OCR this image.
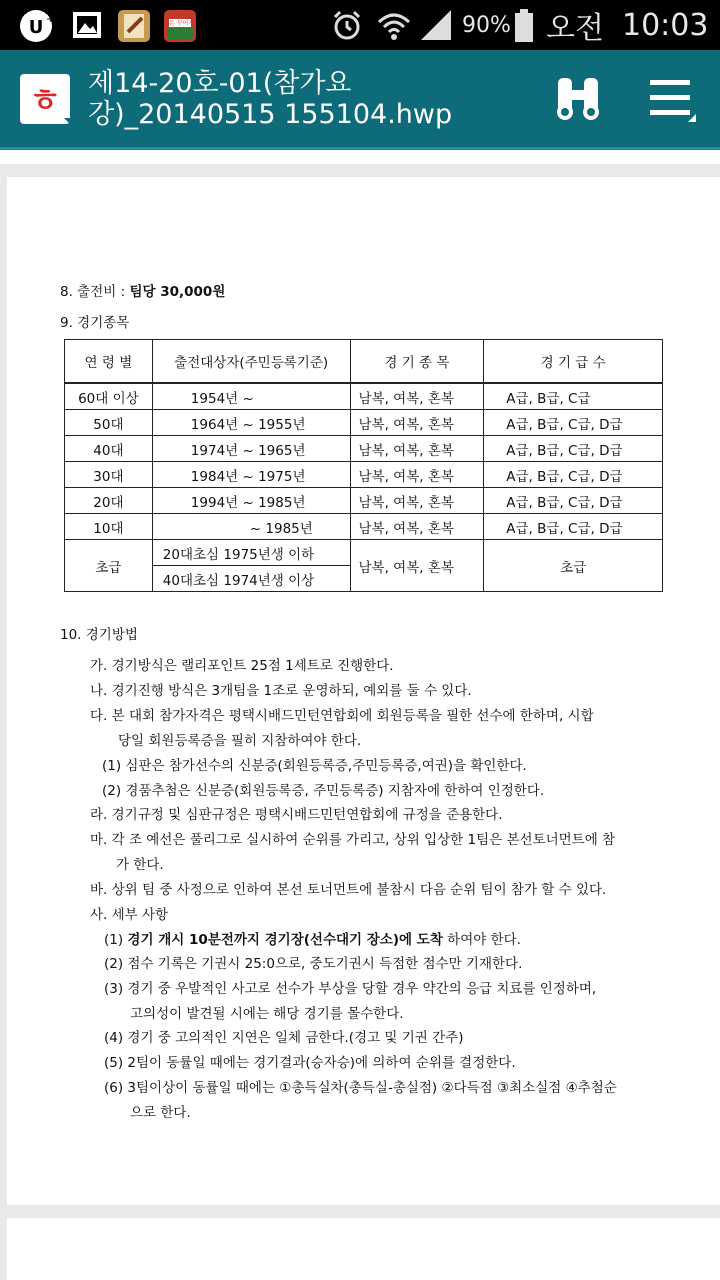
U +	돈 꾸어기	90% 오전 10:03
ㅎ 제14-20호-01(참가요강)_20140515 155104.hwp
8. 출전비 : 팀당 30,000원
9. 경기종목
연 령 별	출전대상자(주민등록기준)	경 기 종 목	경 기 급 수
60대 이상	1954년 ~	남복, 여복, 혼복	A급, B급, C급
50대	1964년 ~ 1955년	남복, 여복, 혼복	A급, B급, C급, D급
40대	1974년 ~ 1965년	남복, 여복, 혼복	A급, B급, C급, D급
30대	1984년 ~ 1975년	남복, 여복, 혼복	A급, B급, C급, D급
20대	1994년 ~ 1985년	남복, 여복, 혼복	A급, B급, C급, D급
10대	~ 1985년	남복, 여복, 혼복	A급, B급, C급, D급
초급	20대초심 1975년생 이하	남복, 여복, 혼복	초급
	40대초심 1974년생 이상		
10. 경기방법
가. 경기방식은 랠리포인트 25점 1세트로 진행한다.
나. 경기진행 방식은 3개팀을 1조로 운영하되, 예외를 둘 수 있다.
다. 본 대회 참가자격은 평택시배드민턴연합회에 회원등록을 필한 선수에 한하며, 시합
당일 회원등록증을 필히 지참하여야 한다.
(1) 심판은 참가선수의 신분증(회원등록증,주민등록증,여권)을 확인한다.
(2) 경품추첨은 신분증(회원등록증, 주민등록증) 지참자에 한하여 인정한다.
라. 경기규정 및 심판규정은 평택시배드민턴연합회에 규정을 준용한다.
마. 각 조 예선은 풀리그로 실시하여 순위를 가리고, 상위 입상한 1팀은 본선토너먼트에 참
가 한다.
바. 상위 팀 중 사정으로 인하여 본선 토너먼트에 불참시 다음 순위 팀이 참가 할 수 있다.
사. 세부 사항
(1) 경기 개시 10분전까지 경기장(선수대기 장소)에 도착 하여야 한다.
(2) 점수 기록은 기권시 25:0으로, 중도기권시 득점한 점수만 기재한다.
(3) 경기 중 우발적인 사고로 선수가 부상을 당할 경우 약간의 응급 치료를 인정하며,
고의성이 발견될 시에는 해당 경기를 몰수한다.
(4) 경기 중 고의적인 지연은 일체 금한다.(경고 및 기권 간주)
(5) 2팀이 동률일 때에는 경기결과(승자승)에 의하여 순위를 결정한다.
(6) 3팀이상이 동률일 때에는 ①총득실차(총득실-총실점) ②다득점 ③최소실점 ④추첨순
으로 한다.
